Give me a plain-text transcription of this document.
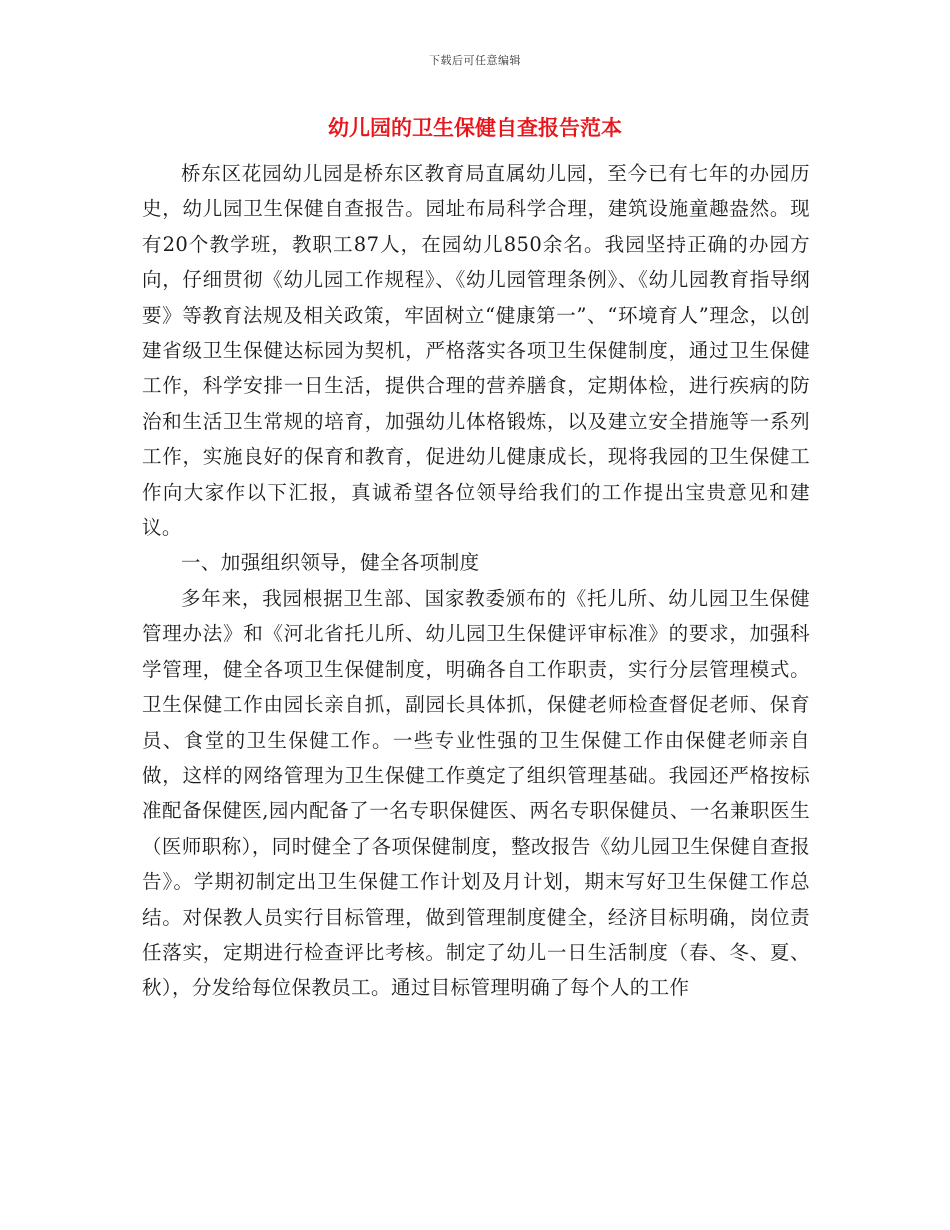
下载后可任意编辑
幼儿园的卫生保健自查报告范本

桥东区花园幼儿园是桥东区教育局直属幼儿园，至今已有七年的办园历史，幼儿园卫生保健自查报告。园址布局科学合理，建筑设施童趣盎然。现有20个教学班，教职工87人，在园幼儿850余名。我园坚持正确的办园方向，仔细贯彻《幼儿园工作规程》、《幼儿园管理条例》、《幼儿园教育指导纲要》等教育法规及相关政策，牢固树立“健康第一”、“环境育人”理念，以创建省级卫生保健达标园为契机，严格落实各项卫生保健制度，通过卫生保健工作，科学安排一日生活，提供合理的营养膳食，定期体检，进行疾病的防治和生活卫生常规的培育，加强幼儿体格锻炼，以及建立安全措施等一系列工作，实施良好的保育和教育，促进幼儿健康成长，现将我园的卫生保健工作向大家作以下汇报，真诚希望各位领导给我们的工作提出宝贵意见和建议。

一、加强组织领导，健全各项制度

多年来，我园根据卫生部、国家教委颁布的《托儿所、幼儿园卫生保健管理办法》和《河北省托儿所、幼儿园卫生保健评审标准》的要求，加强科学管理，健全各项卫生保健制度，明确各自工作职责，实行分层管理模式。卫生保健工作由园长亲自抓，副园长具体抓，保健老师检查督促老师、保育员、食堂的卫生保健工作。一些专业性强的卫生保健工作由保健老师亲自做，这样的网络管理为卫生保健工作奠定了组织管理基础。我园还严格按标准配备保健医,园内配备了一名专职保健医、两名专职保健员、一名兼职医生（医师职称），同时健全了各项保健制度，整改报告《幼儿园卫生保健自查报告》。学期初制定出卫生保健工作计划及月计划，期末写好卫生保健工作总结。对保教人员实行目标管理，做到管理制度健全，经济目标明确，岗位责任落实，定期进行检查评比考核。制定了幼儿一日生活制度（春、冬、夏、秋），分发给每位保教员工。通过目标管理明确了每个人的工作
